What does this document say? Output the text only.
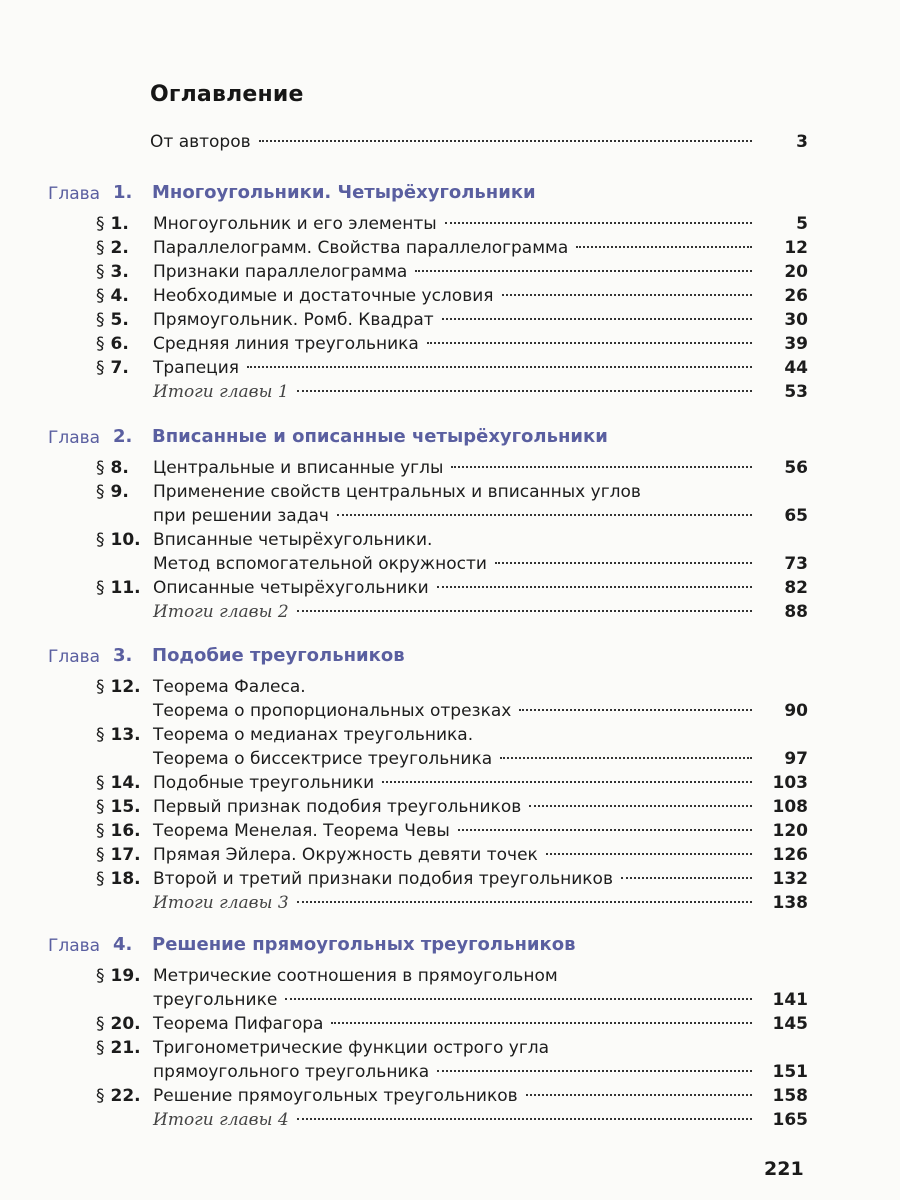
Оглавление
От авторов	3
Глава 1. Многоугольники. Четырёхугольники
§ 1.	Многоугольник и его элементы	5
§ 2.	Параллелограмм. Свойства параллелограмма	12
§ 3.	Признаки параллелограмма	20
§ 4.	Необходимые и достаточные условия	26
§ 5.	Прямоугольник. Ромб. Квадрат	30
§ 6.	Средняя линия треугольника	39
§ 7.	Трапеция	44
Итоги главы 1	53
Глава 2. Вписанные и описанные четырёхугольники
§ 8.	Центральные и вписанные углы	56
§ 9.	Применение свойств центральных и вписанных углов
при решении задач	65
§ 10. Вписанные четырёхугольники.
Метод вспомогательной окружности	73
§ 11. Описанные четырёхугольники	82
Итоги главы 2	88
Глава 3. Подобие треугольников
§ 12. Теорема Фалеса.
Теорема о пропорциональных отрезках	90
§ 13. Теорема о медианах треугольника.
Теорема о биссектрисе треугольника	97
§ 14. Подобные треугольники	103
§ 15. Первый признак подобия треугольников	108
§ 16. Теорема Менелая. Теорема Чевы	120
§ 17. Прямая Эйлера. Окружность девяти точек	126
§ 18. Второй и третий признаки подобия треугольников	132
Итоги главы 3	138
Глава 4. Решение прямоугольных треугольников
§ 19. Метрические соотношения в прямоугольном
треугольнике	141
§ 20. Теорема Пифагора	145
§ 21. Тригонометрические функции острого угла
прямоугольного треугольника	151
§ 22. Решение прямоугольных треугольников	158
Итоги главы 4	165
221
